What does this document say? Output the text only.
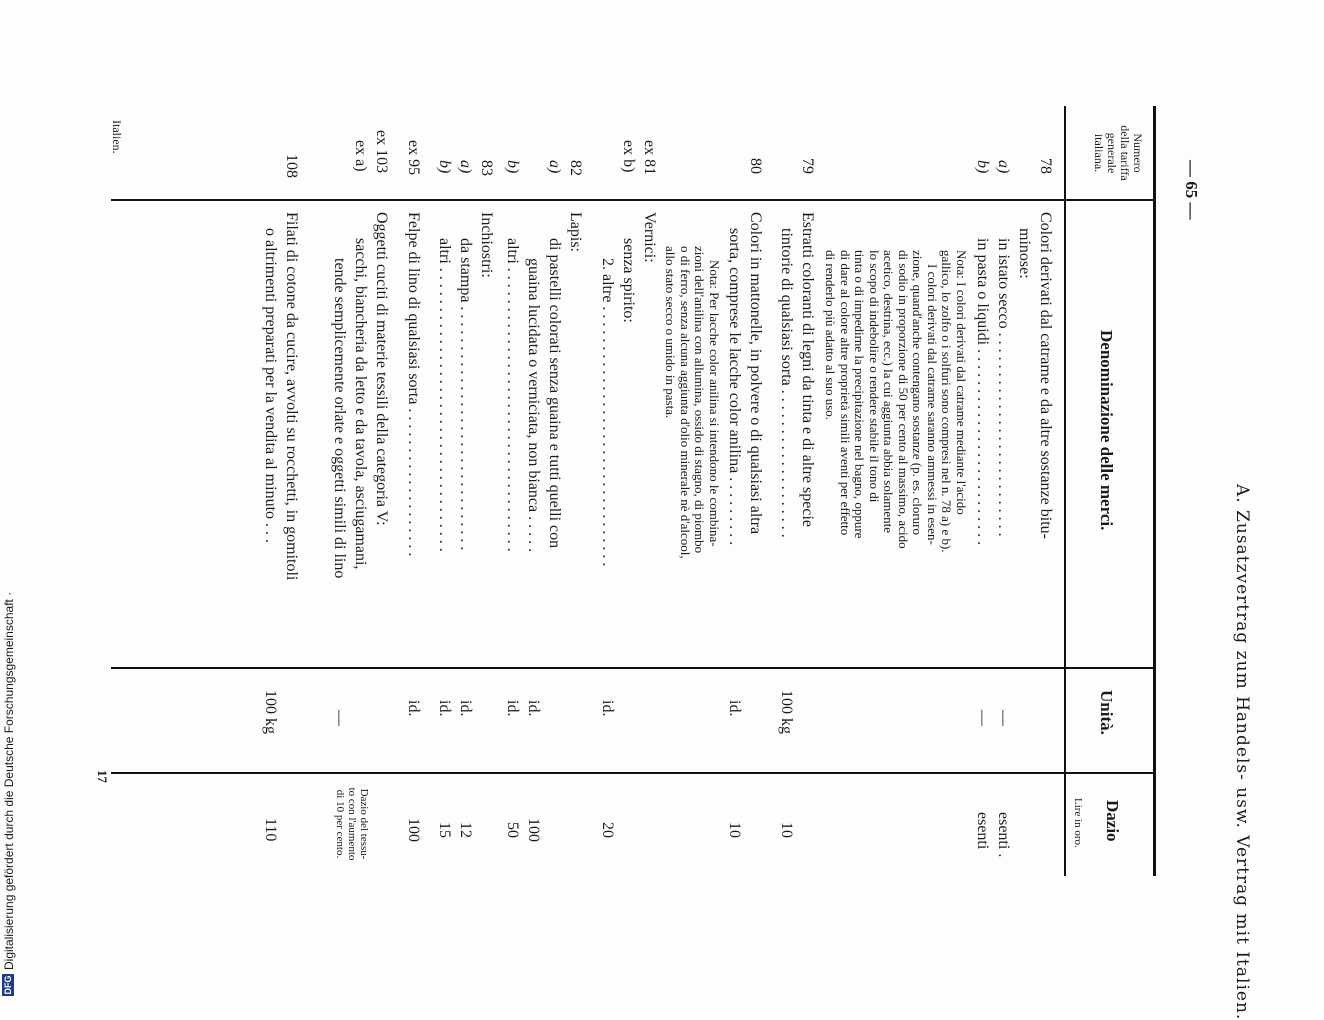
A. Zusatzvertrag zum Handels- usw. Vertrag mit Italien.
— 65 —
Numero
della tariffa
generale
italiana.
Denominazione delle merci.
Unità.
Dazio
Lire in oro.
78
Colori derivati dal catrame e da altre sostanze bitu-
minose:
a)
in istato secco . . . . . . . . . . . . . . . . . . . . . . . . . .
—
esenti .
b)
in pasta o liquidi . . . . . . . . . . . . . . . . . . . . . . . . .
—
esenti
Nota: I colori derivati dal catrame mediante l'acido
gallico, lo zolfo o i solfuri sono compresi nel n. 78 a) e b).
I colori derivati dal catrame saranno ammessi in esen-
zione, quand'anche contengano sostanze (p. es. cloruro
di sodio in proporzione di 50 per cento al massimo, acido
acetico, destrina, ecc.) la cui aggiunta abbia solamente
lo scopo di indebolire o rendere stabile il tono di
tinta o di impedirne la precipitazione nel bagno, oppure
di dare al colore altre proprietà simili aventi per effetto
di renderlo più adatto al suo uso.
79
Estratti coloranti di legni da tinta e di altre specie
tintorie di qualsiasi sorta . . . . . . . . . . . . . . . . . . .
100 kg
10
80
Colori in mattonelle, in polvere o di qualsiasi altra
sorta, comprese le lacche color anilina . . . . . . . . .
id.
10
Nota: Per lacche color anilina si intendono le combina-
zioni dell'anilina con allumina, ossido di stagno, di piombo
o di ferro, senza alcuna aggiunta d'olio minerale nè d'alcool,
allo stato secco o umido in pasta.
ex 81
Vernici:
ex b)
senza spirito:
2. altre . . . . . . . . . . . . . . . . . . . . . . . . . . . . . . . . .
id.
20
82
Lapis:
a)
di pastelli colorati senza guaina e tutti quelli con
guaina lucidata o verniciata, non bianca . . . . .
id.
100
b)
altri . . . . . . . . . . . . . . . . . . . . . . . . . . . . . . . . . . . .
id.
50
83
Inchiostri:
a)
da stampa . . . . . . . . . . . . . . . . . . . . . . . . . . . . . . .
id.
12
b)
altri . . . . . . . . . . . . . . . . . . . . . . . . . . . . . . . . . . . .
id.
15
ex 95
Felpe di lino di qualsiasi sorta . . . . . . . . . . . . . . . . . . .
id.
100
ex 103
Oggetti cuciti di materie tessili della categoria V:
ex a)
sacchi, biancheria da letto e da tavola, asciugamani,
tende semplicemente orlate e oggetti simili di lino
—
Dazio del tessu-
to con l'aumento
di 10 per cento.
108
Filati di cotone da cucire, avvolti su rocchetti, in gomitoli
o altrimenti preparati per la vendita al minuto . . .
100 kg
110
Italien.
17
DFG
Digitalisierung gefördert durch die Deutsche Forschungsgemeinschaft ·
